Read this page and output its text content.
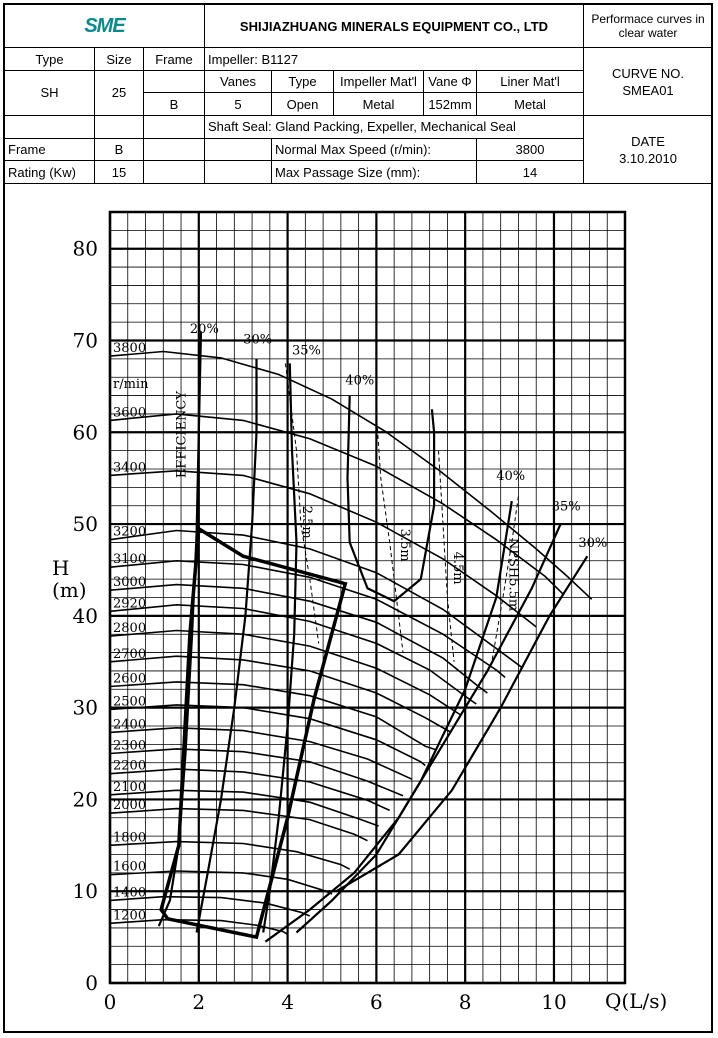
SME			SHIJIAZHUANG MINERALS EQUIPMENT CO., LTD					Performace curves in clear water
Type	Size	Frame	Impeller: B1127					CURVE NO.
SMEA01
SH	25		Vanes	Type	Impeller Mat'l	Vane Φ	Liner Mat'l	
		B	5	Open	Metal	152mm	Metal	
			Shaft Seal: Gland Packing, Expeller, Mechanical Seal					DATE
3.10.2010
Frame	B			Normal Max Speed (r/min):			3800	
Rating (Kw)	15			Max Passage Size (mm):			14	
0	2	4	6	8	10
0
10
20
30
40
50
60
70
80
3800
3600
3400
3200
3100
3000
2920
2800
2700
2600
2500
2400
2300
2200
2100
2000
1800
1600
1400
1200
r/min
20%
30%
35%
40%
40%
35%
30%
EFFICIENCY
2.5m
3.5m
4.5m	NPSH5.5m
Q(L/s)
H (m)
